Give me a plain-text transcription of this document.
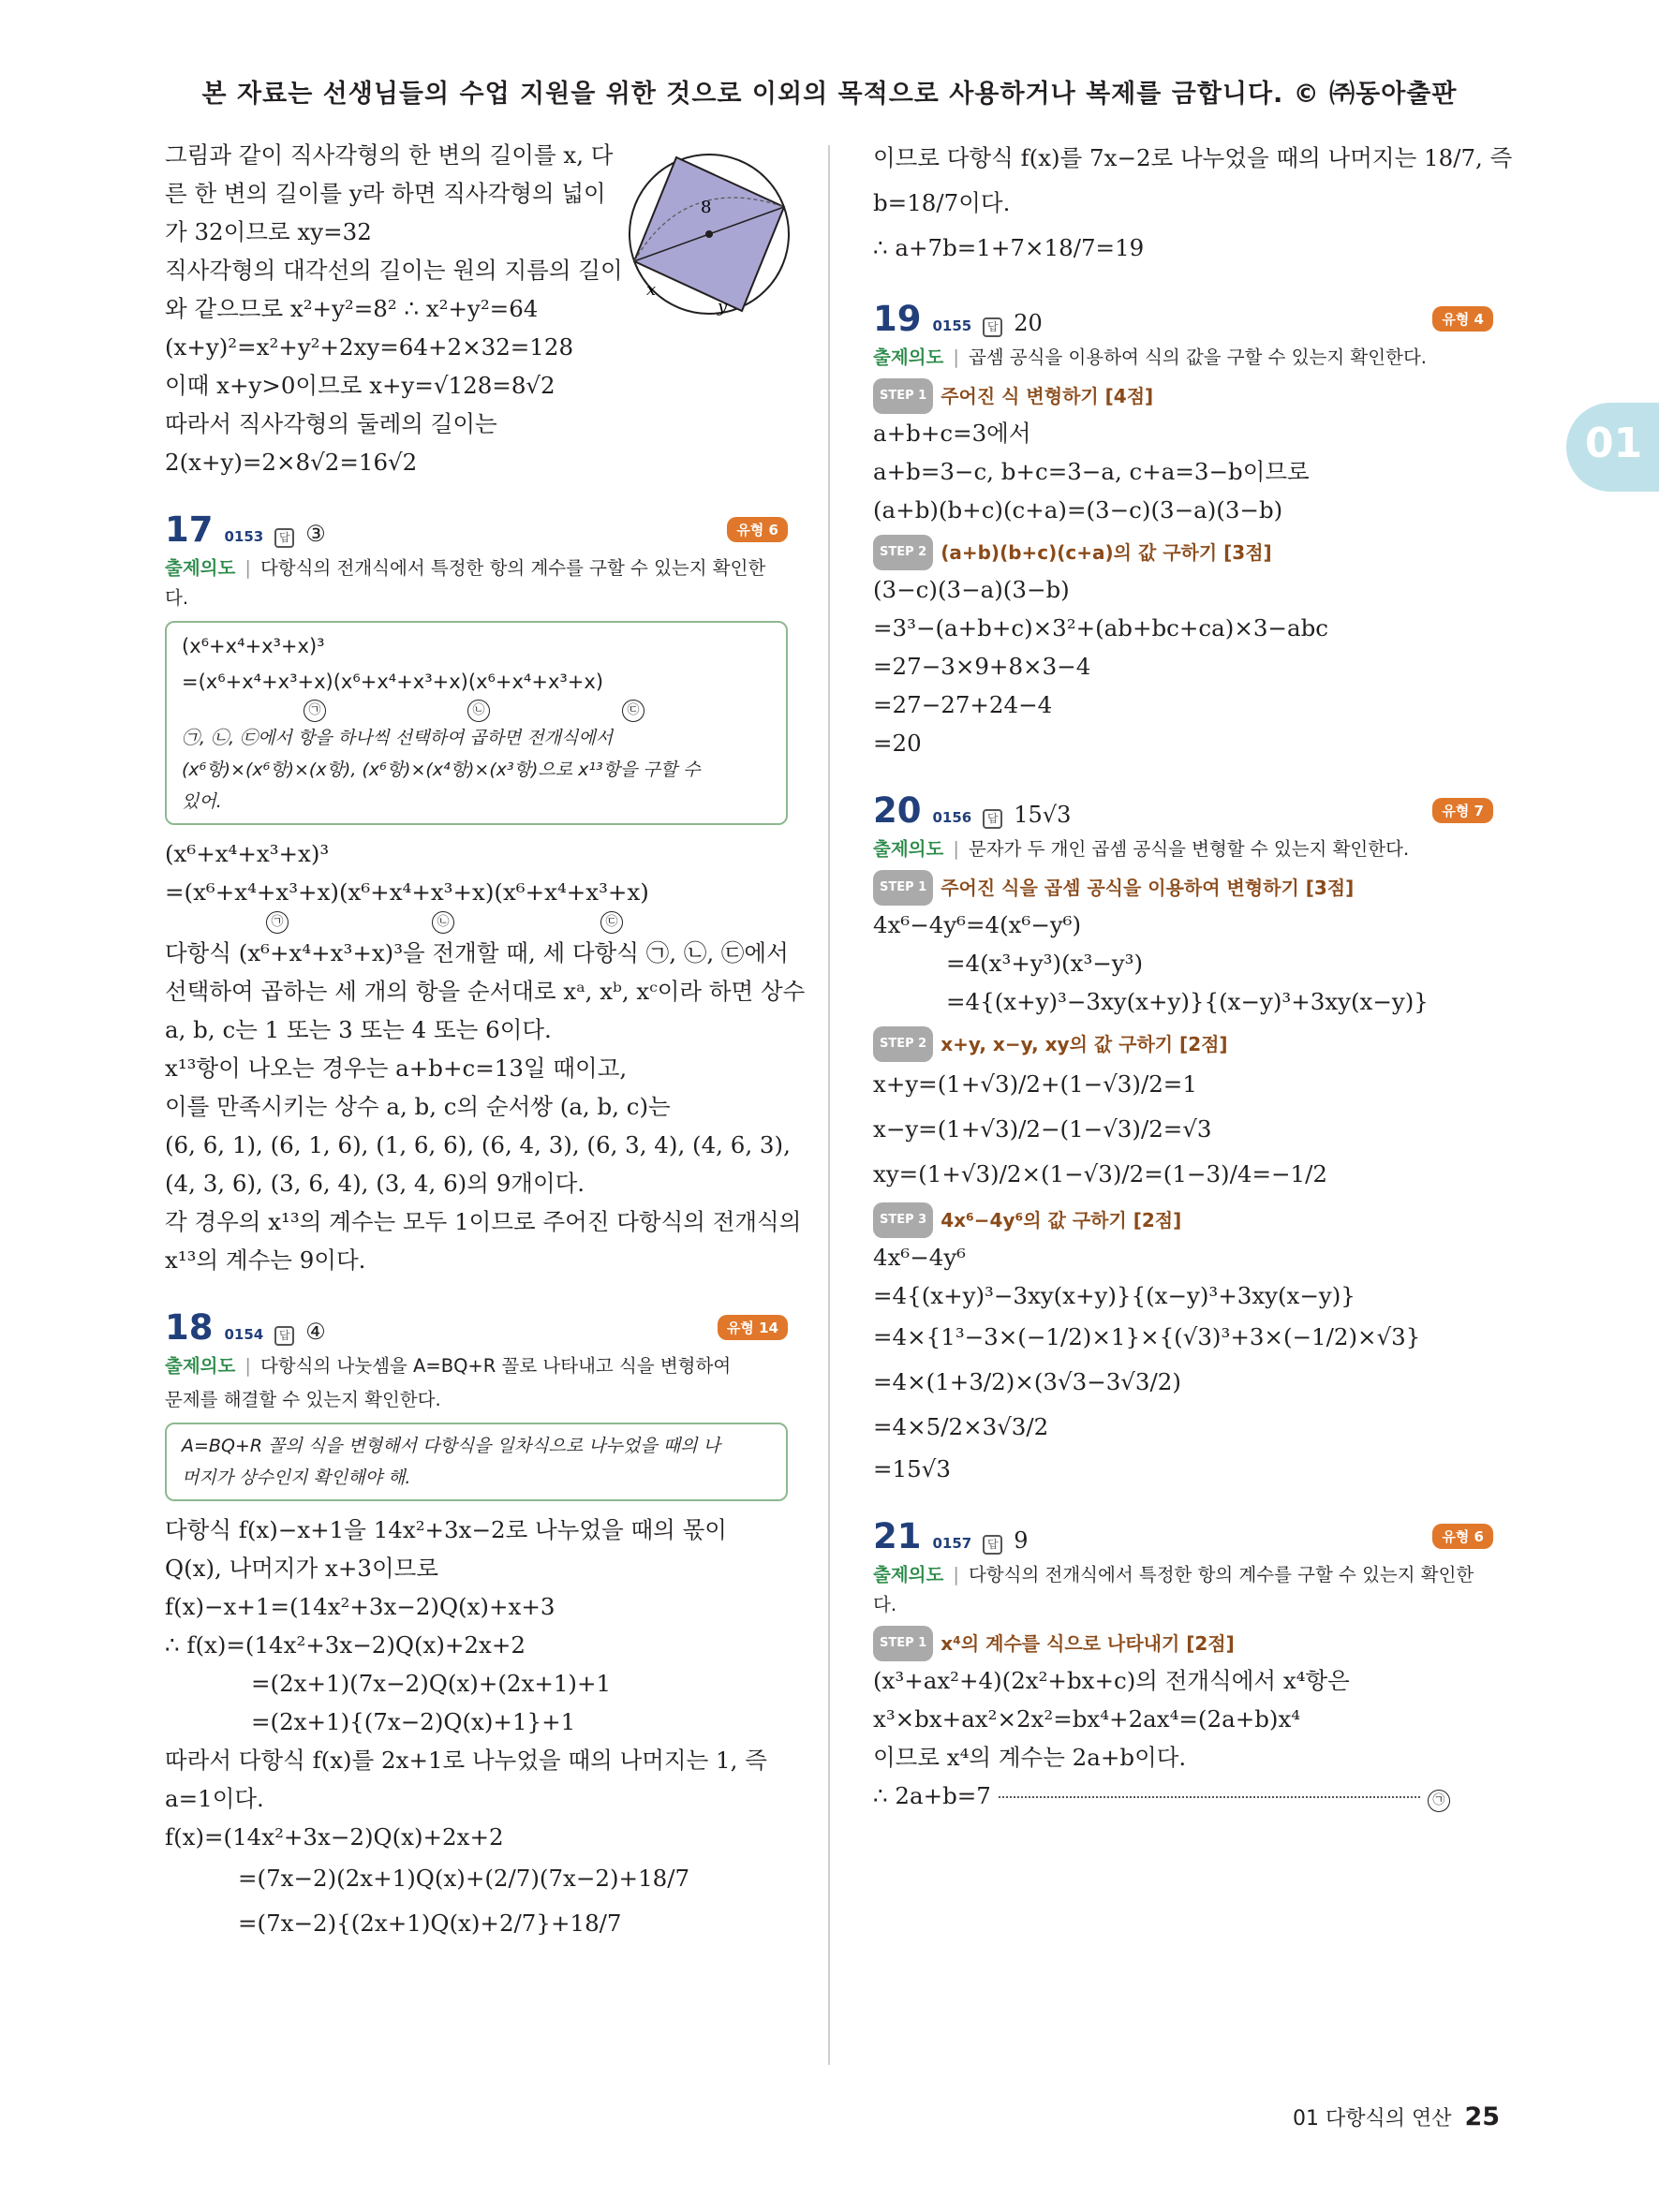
본 자료는 선생님들의 수업 지원을 위한 것으로 이외의 목적으로 사용하거나 복제를 금합니다. © ㈜동아출판
01
8
x
y
그림과 같이 직사각형의 한 변의 길이를 x, 다
른 한 변의 길이를 y라 하면 직사각형의 넓이
가 32이므로 xy=32
직사각형의 대각선의 길이는 원의 지름의 길이
와 같으므로 x²+y²=8² ∴ x²+y²=64
(x+y)²=x²+y²+2xy=64+2×32=128
이때 x+y>0이므로 x+y=√128=8√2
따라서 직사각형의 둘레의 길이는
2(x+y)=2×8√2=16√2
17 0153	답 ③	유형 6
출제의도 | 다항식의 전개식에서 특정한 항의 계수를 구할 수 있는지 확인한다.
(x⁶+x⁴+x³+x)³
=(x⁶+x⁴+x³+x)(x⁶+x⁴+x³+x)(x⁶+x⁴+x³+x)
㉠	㉡	㉢
㉠, ㉡, ㉢에서 항을 하나씩 선택하여 곱하면 전개식에서
(x⁶항)×(x⁶항)×(x항), (x⁶항)×(x⁴항)×(x³항)으로 x¹³항을 구할 수
있어.
(x⁶+x⁴+x³+x)³
=(x⁶+x⁴+x³+x)(x⁶+x⁴+x³+x)(x⁶+x⁴+x³+x)
㉠	㉡	㉢
다항식 (x⁶+x⁴+x³+x)³을 전개할 때, 세 다항식 ㉠, ㉡, ㉢에서
선택하여 곱하는 세 개의 항을 순서대로 xᵃ, xᵇ, xᶜ이라 하면 상수
a, b, c는 1 또는 3 또는 4 또는 6이다.
x¹³항이 나오는 경우는 a+b+c=13일 때이고,
이를 만족시키는 상수 a, b, c의 순서쌍 (a, b, c)는
(6, 6, 1), (6, 1, 6), (1, 6, 6), (6, 4, 3), (6, 3, 4), (4, 6, 3),
(4, 3, 6), (3, 6, 4), (3, 4, 6)의 9개이다.
각 경우의 x¹³의 계수는 모두 1이므로 주어진 다항식의 전개식의
x¹³의 계수는 9이다.
18 0154	답 ④	유형 14
출제의도 | 다항식의 나눗셈을 A=BQ+R 꼴로 나타내고 식을 변형하여
문제를 해결할 수 있는지 확인한다.
A=BQ+R 꼴의 식을 변형해서 다항식을 일차식으로 나누었을 때의 나
머지가 상수인지 확인해야 해.
다항식 f(x)−x+1을 14x²+3x−2로 나누었을 때의 몫이
Q(x), 나머지가 x+3이므로
f(x)−x+1=(14x²+3x−2)Q(x)+x+3
∴ f(x)=(14x²+3x−2)Q(x)+2x+2
=(2x+1)(7x−2)Q(x)+(2x+1)+1
=(2x+1){(7x−2)Q(x)+1}+1
따라서 다항식 f(x)를 2x+1로 나누었을 때의 나머지는 1, 즉
a=1이다.
f(x)=(14x²+3x−2)Q(x)+2x+2
=(7x−2)(2x+1)Q(x)+(2/7)(7x−2)+18/7
=(7x−2){(2x+1)Q(x)+2/7}+18/7
이므로 다항식 f(x)를 7x−2로 나누었을 때의 나머지는 18/7, 즉
b=18/7이다.
∴ a+7b=1+7×18/7=19
19 0155	답 20	유형 4
출제의도 | 곱셈 공식을 이용하여 식의 값을 구할 수 있는지 확인한다.
STEP 1 주어진 식 변형하기 [4점]
a+b+c=3에서
a+b=3−c, b+c=3−a, c+a=3−b이므로
(a+b)(b+c)(c+a)=(3−c)(3−a)(3−b)
STEP 2 (a+b)(b+c)(c+a)의 값 구하기 [3점]
(3−c)(3−a)(3−b)
=3³−(a+b+c)×3²+(ab+bc+ca)×3−abc
=27−3×9+8×3−4
=27−27+24−4
=20
20 0156	답 15√3	유형 7
출제의도 | 문자가 두 개인 곱셈 공식을 변형할 수 있는지 확인한다.
STEP 1 주어진 식을 곱셈 공식을 이용하여 변형하기 [3점]
4x⁶−4y⁶=4(x⁶−y⁶)
=4(x³+y³)(x³−y³)
=4{(x+y)³−3xy(x+y)}{(x−y)³+3xy(x−y)}
STEP 2 x+y, x−y, xy의 값 구하기 [2점]
x+y=(1+√3)/2+(1−√3)/2=1
x−y=(1+√3)/2−(1−√3)/2=√3
xy=(1+√3)/2×(1−√3)/2=(1−3)/4=−1/2
STEP 3 4x⁶−4y⁶의 값 구하기 [2점]
4x⁶−4y⁶
=4{(x+y)³−3xy(x+y)}{(x−y)³+3xy(x−y)}
=4×{1³−3×(−1/2)×1}×{(√3)³+3×(−1/2)×√3}
=4×(1+3/2)×(3√3−3√3/2)
=4×5/2×3√3/2
=15√3
21 0157	답 9	유형 6
출제의도 | 다항식의 전개식에서 특정한 항의 계수를 구할 수 있는지 확인한다.
STEP 1 x⁴의 계수를 식으로 나타내기 [2점]
(x³+ax²+4)(2x²+bx+c)의 전개식에서 x⁴항은
x³×bx+ax²×2x²=bx⁴+2ax⁴=(2a+b)x⁴
이므로 x⁴의 계수는 2a+b이다.
∴ 2a+b=7	㉠
01 다항식의 연산 25
